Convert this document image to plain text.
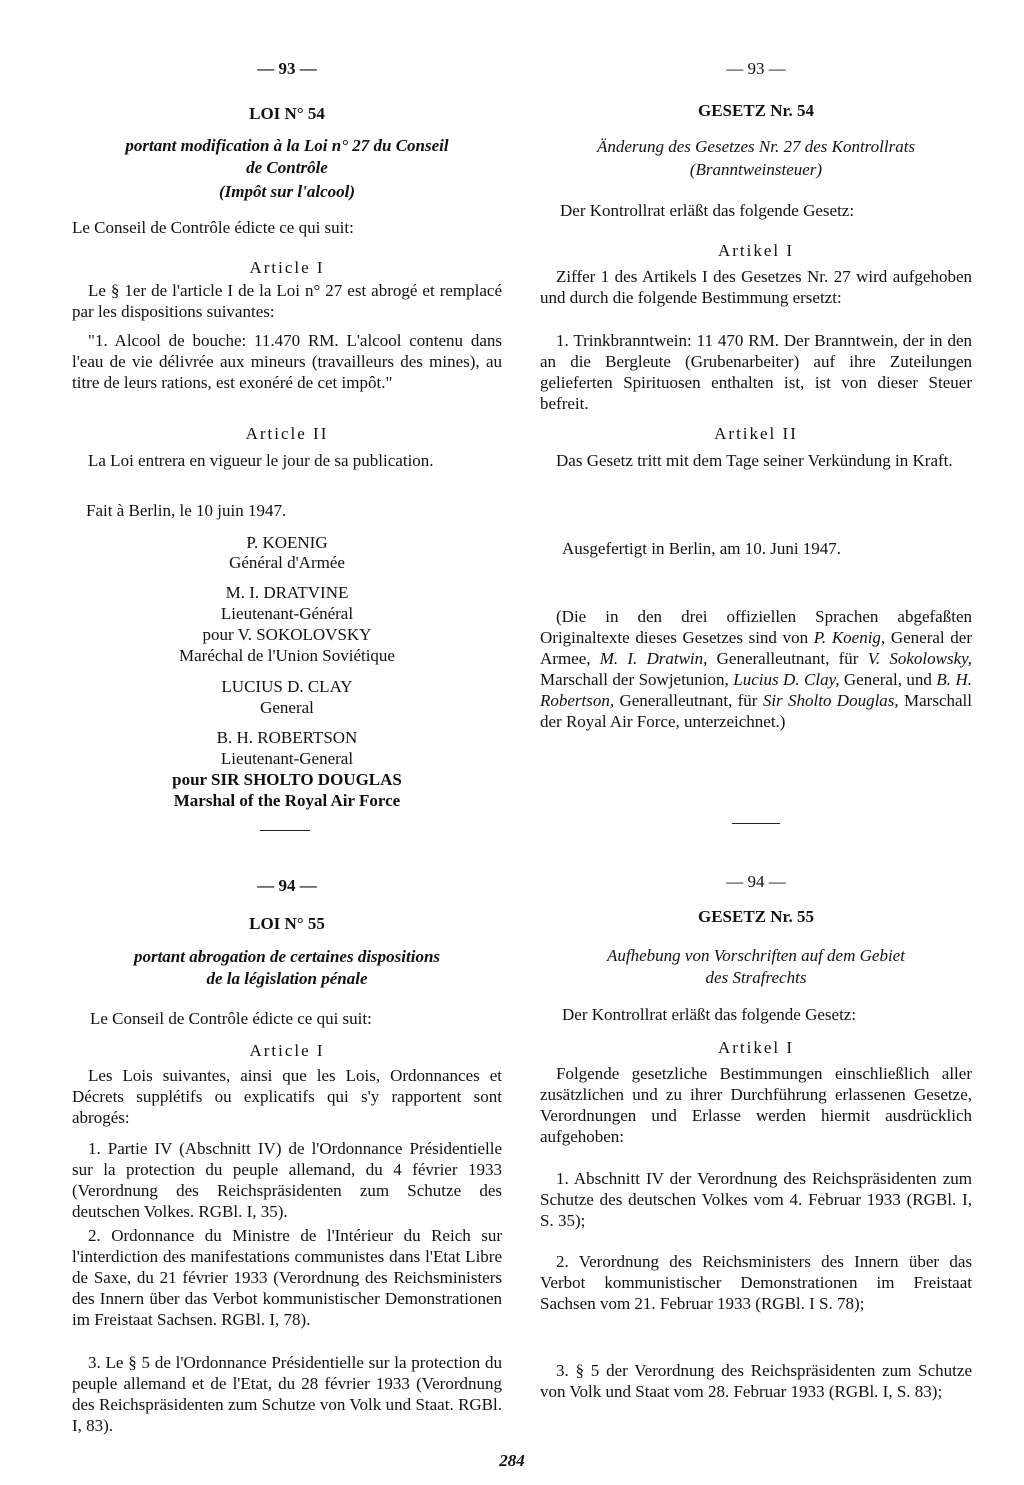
— 93 —
LOI N° 54
portant modification à la Loi n° 27 du Conseil
de Contrôle
(Impôt sur l'alcool)
Le Conseil de Contrôle édicte ce qui suit:
Article I
Le § 1er de l'article I de la Loi n° 27 est abrogé et remplacé par les dispositions suivantes:
"1. Alcool de bouche: 11.470 RM. L'alcool contenu dans l'eau de vie délivrée aux mineurs (travailleurs des mines), au titre de leurs rations, est exonéré de cet impôt."
Article II
La Loi entrera en vigueur le jour de sa publication.
Fait à Berlin, le 10 juin 1947.
P. KOENIG
Général d'Armée
M. I. DRATVINE
Lieutenant-Général
pour V. SOKOLOVSKY
Maréchal de l'Union Soviétique
LUCIUS D. CLAY
General
B. H. ROBERTSON
Lieutenant-General
pour SIR SHOLTO DOUGLAS
Marshal of the Royal Air Force
— 94 —
LOI N° 55
portant abrogation de certaines dispositions
de la législation pénale
Le Conseil de Contrôle édicte ce qui suit:
Article I
Les Lois suivantes, ainsi que les Lois, Ordonnances et Décrets supplétifs ou explicatifs qui s'y rapportent sont abrogés:
1. Partie IV (Abschnitt IV) de l'Ordonnance Présidentielle sur la protection du peuple allemand, du 4 février 1933 (Verordnung des Reichspräsidenten zum Schutze des deutschen Volkes. RGBl. I, 35).
2. Ordonnance du Ministre de l'Intérieur du Reich sur l'interdiction des manifestations communistes dans l'Etat Libre de Saxe, du 21 février 1933 (Verordnung des Reichsministers des Innern über das Verbot kommunistischer Demonstrationen im Freistaat Sachsen. RGBl. I, 78).
3. Le § 5 de l'Ordonnance Présidentielle sur la protection du peuple allemand et de l'Etat, du 28 février 1933 (Verordnung des Reichspräsidenten zum Schutze von Volk und Staat. RGBl. I, 83).
— 93 —
GESETZ Nr. 54
Änderung des Gesetzes Nr. 27 des Kontrollrats
(Branntweinsteuer)
Der Kontrollrat erläßt das folgende Gesetz:
Artikel I
Ziffer 1 des Artikels I des Gesetzes Nr. 27 wird aufgehoben und durch die folgende Bestimmung ersetzt:
1. Trinkbranntwein: 11 470 RM. Der Branntwein, der in den an die Bergleute (Grubenarbeiter) auf ihre Zuteilungen gelieferten Spirituosen enthalten ist, ist von dieser Steuer befreit.
Artikel II
Das Gesetz tritt mit dem Tage seiner Verkündung in Kraft.
Ausgefertigt in Berlin, am 10. Juni 1947.
(Die in den drei offiziellen Sprachen abgefaßten Originaltexte dieses Gesetzes sind von P. Koenig, General der Armee, M. I. Dratwin, Generalleutnant, für V. Sokolowsky, Marschall der Sowjetunion, Lucius D. Clay, General, und B. H. Robertson, Generalleutnant, für Sir Sholto Douglas, Marschall der Royal Air Force, unterzeichnet.)
— 94 —
GESETZ Nr. 55
Aufhebung von Vorschriften auf dem Gebiet
des Strafrechts
Der Kontrollrat erläßt das folgende Gesetz:
Artikel I
Folgende gesetzliche Bestimmungen einschließlich aller zusätzlichen und zu ihrer Durchführung erlassenen Gesetze, Verordnungen und Erlasse werden hiermit ausdrücklich aufgehoben:
1. Abschnitt IV der Verordnung des Reichspräsidenten zum Schutze des deutschen Volkes vom 4. Februar 1933 (RGBl. I, S. 35);
2. Verordnung des Reichsministers des Innern über das Verbot kommunistischer Demonstrationen im Freistaat Sachsen vom 21. Februar 1933 (RGBl. I S. 78);
3. § 5 der Verordnung des Reichspräsidenten zum Schutze von Volk und Staat vom 28. Februar 1933 (RGBl. I, S. 83);
284
